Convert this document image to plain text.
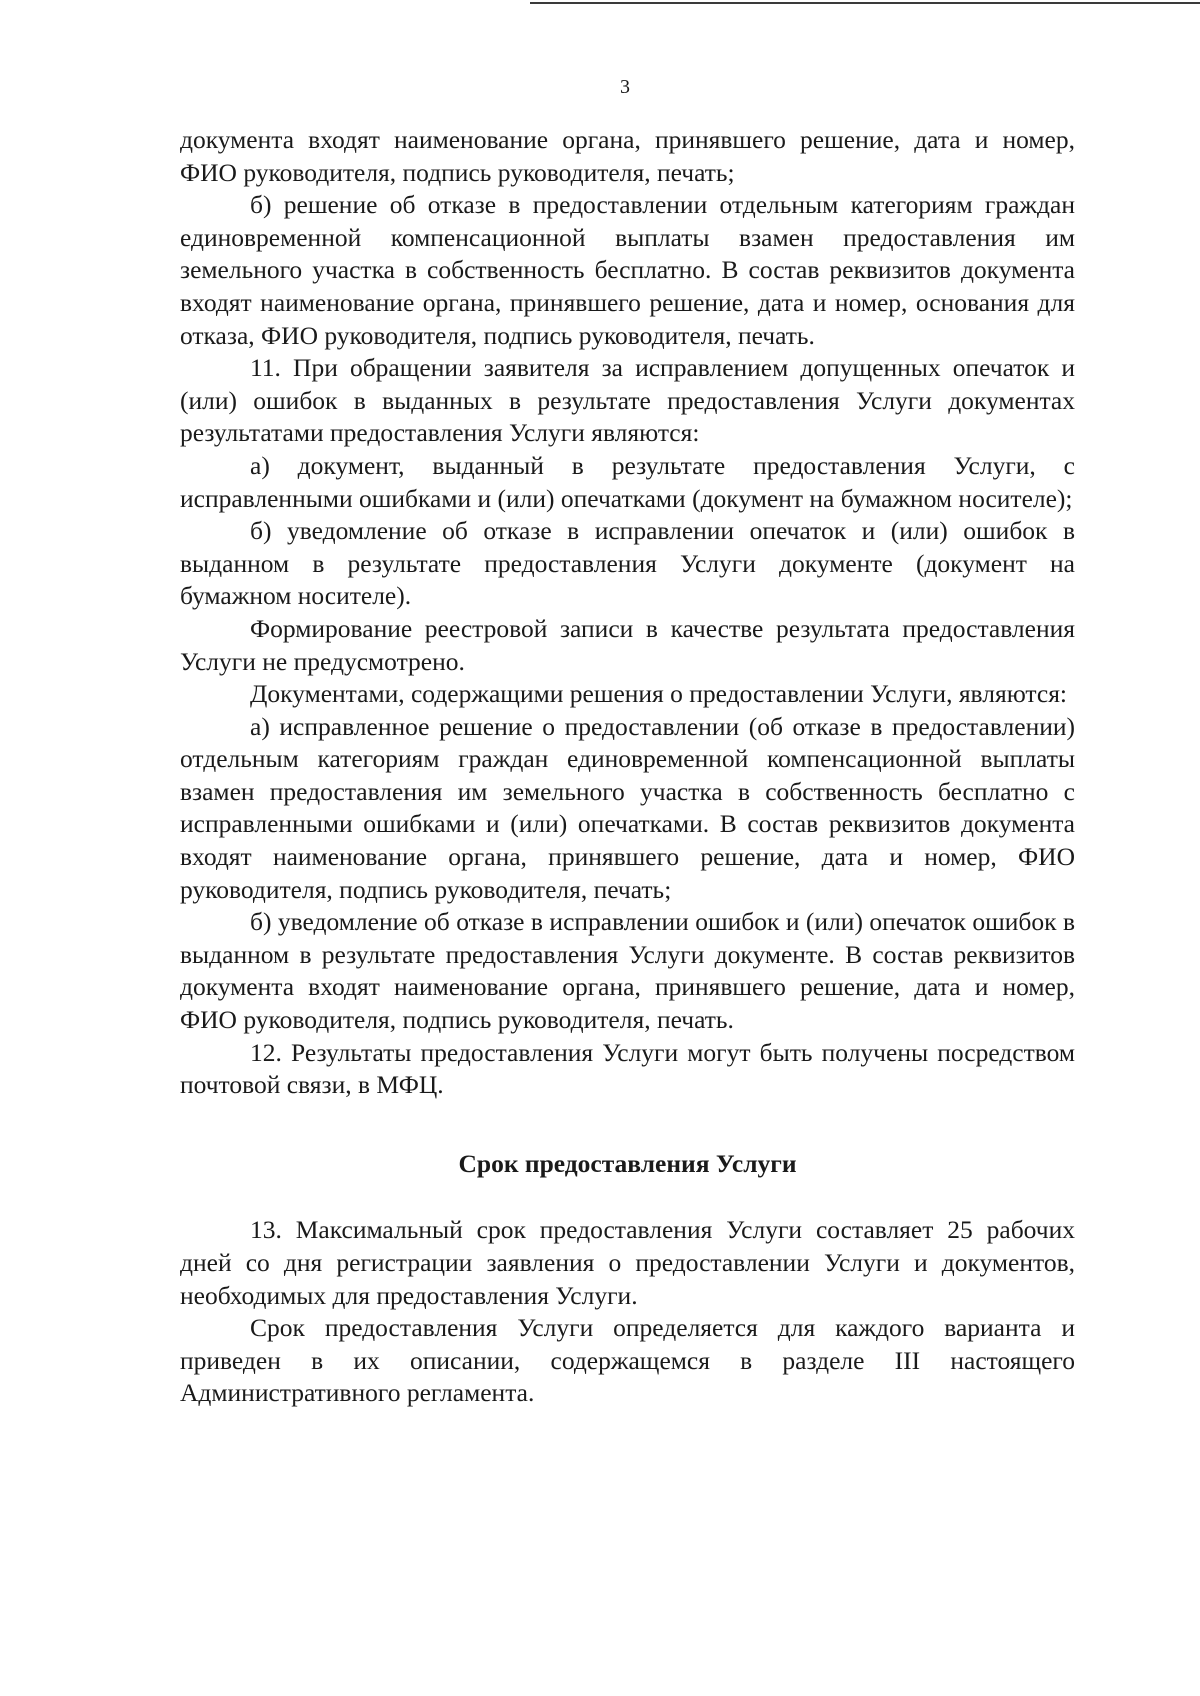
3

документа входят наименование органа, принявшего решение, дата и номер, ФИО руководителя, подпись руководителя, печать;

б) решение об отказе в предоставлении отдельным категориям граждан единовременной компенсационной выплаты взамен предоставления им земельного участка в собственность бесплатно. В состав реквизитов документа входят наименование органа, принявшего решение, дата и номер, основания для отказа, ФИО руководителя, подпись руководителя, печать.

11. При обращении заявителя за исправлением допущенных опечаток и (или) ошибок в выданных в результате предоставления Услуги документах результатами предоставления Услуги являются:

а) документ, выданный в результате предоставления Услуги, с исправленными ошибками и (или) опечатками (документ на бумажном носителе);

б) уведомление об отказе в исправлении опечаток и (или) ошибок в выданном в результате предоставления Услуги документе (документ на бумажном носителе).

Формирование реестровой записи в качестве результата предоставления Услуги не предусмотрено.

Документами, содержащими решения о предоставлении Услуги, являются:

а) исправленное решение о предоставлении (об отказе в предоставлении) отдельным категориям граждан единовременной компенсационной выплаты взамен предоставления им земельного участка в собственность бесплатно с исправленными ошибками и (или) опечатками. В состав реквизитов документа входят наименование органа, принявшего решение, дата и номер, ФИО руководителя, подпись руководителя, печать;

б) уведомление об отказе в исправлении ошибок и (или) опечаток ошибок в выданном в результате предоставления Услуги документе. В состав реквизитов документа входят наименование органа, принявшего решение, дата и номер, ФИО руководителя, подпись руководителя, печать.

12. Результаты предоставления Услуги могут быть получены посредством почтовой связи, в МФЦ.

Срок предоставления Услуги

13. Максимальный срок предоставления Услуги составляет 25 рабочих дней со дня регистрации заявления о предоставлении Услуги и документов, необходимых для предоставления Услуги.

Срок предоставления Услуги определяется для каждого варианта и приведен в их описании, содержащемся в разделе III настоящего Административного регламента.
